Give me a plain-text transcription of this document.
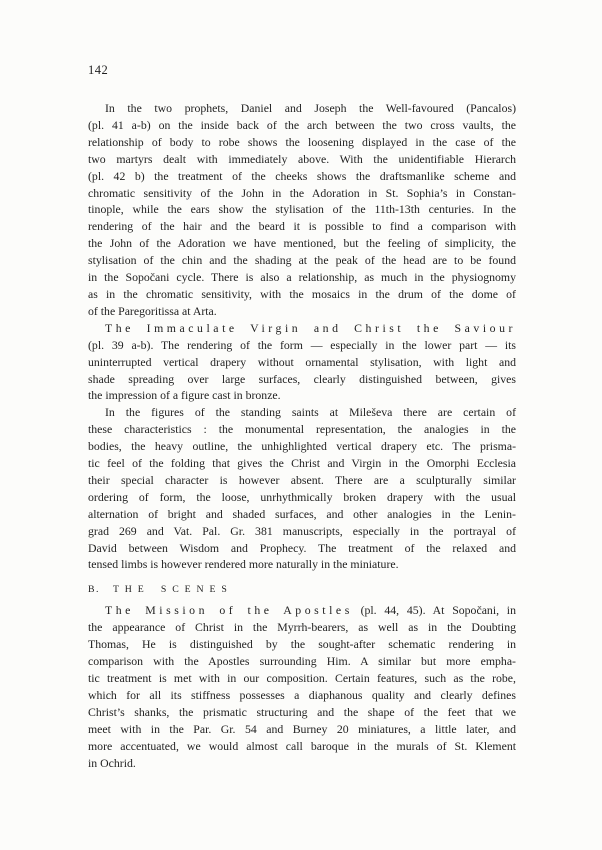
142
In the two prophets, Daniel and Joseph the Well-favoured (Pancalos)
(pl. 41 a-b) on the inside back of the arch between the two cross vaults, the
relationship of body to robe shows the loosening displayed in the case of the
two martyrs dealt with immediately above. With the unidentifiable Hierarch
(pl. 42 b) the treatment of the cheeks shows the draftsmanlike scheme and
chromatic sensitivity of the John in the Adoration in St. Sophia’s in Constan-
tinople, while the ears show the stylisation of the 11th-13th centuries. In the
rendering of the hair and the beard it is possible to find a comparison with
the John of the Adoration we have mentioned, but the feeling of simplicity, the
stylisation of the chin and the shading at the peak of the head are to be found
in the Sopočani cycle. There is also a relationship, as much in the physiognomy
as in the chromatic sensitivity, with the mosaics in the drum of the dome of
of the Paregoritissa at Arta.
The Immaculate Virgin and Christ the Saviour
(pl. 39 a-b). The rendering of the form — especially in the lower part — its
uninterrupted vertical drapery without ornamental stylisation, with light and
shade spreading over large surfaces, clearly distinguished between, gives
the impression of a figure cast in bronze.
In the figures of the standing saints at Mileševa there are certain of
these characteristics : the monumental representation, the analogies in the
bodies, the heavy outline, the unhighlighted vertical drapery etc. The prisma-
tic feel of the folding that gives the Christ and Virgin in the Omorphi Ecclesia
their special character is however absent. There are a sculpturally similar
ordering of form, the loose, unrhythmically broken drapery with the usual
alternation of bright and shaded surfaces, and other analogies in the Lenin-
grad 269 and Vat. Pal. Gr. 381 manuscripts, especially in the portrayal of
David between Wisdom and Prophecy. The treatment of the relaxed and
tensed limbs is however rendered more naturally in the miniature.
B. THE SCENES
The Mission of the Apostles (pl. 44, 45). At Sopočani, in
the appearance of Christ in the Myrrh-bearers, as well as in the Doubting
Thomas, He is distinguished by the sought-after schematic rendering in
comparison with the Apostles surrounding Him. A similar but more empha-
tic treatment is met with in our composition. Certain features, such as the robe,
which for all its stiffness possesses a diaphanous quality and clearly defines
Christ’s shanks, the prismatic structuring and the shape of the feet that we
meet with in the Par. Gr. 54 and Burney 20 miniatures, a little later, and
more accentuated, we would almost call baroque in the murals of St. Klement
in Ochrid.
